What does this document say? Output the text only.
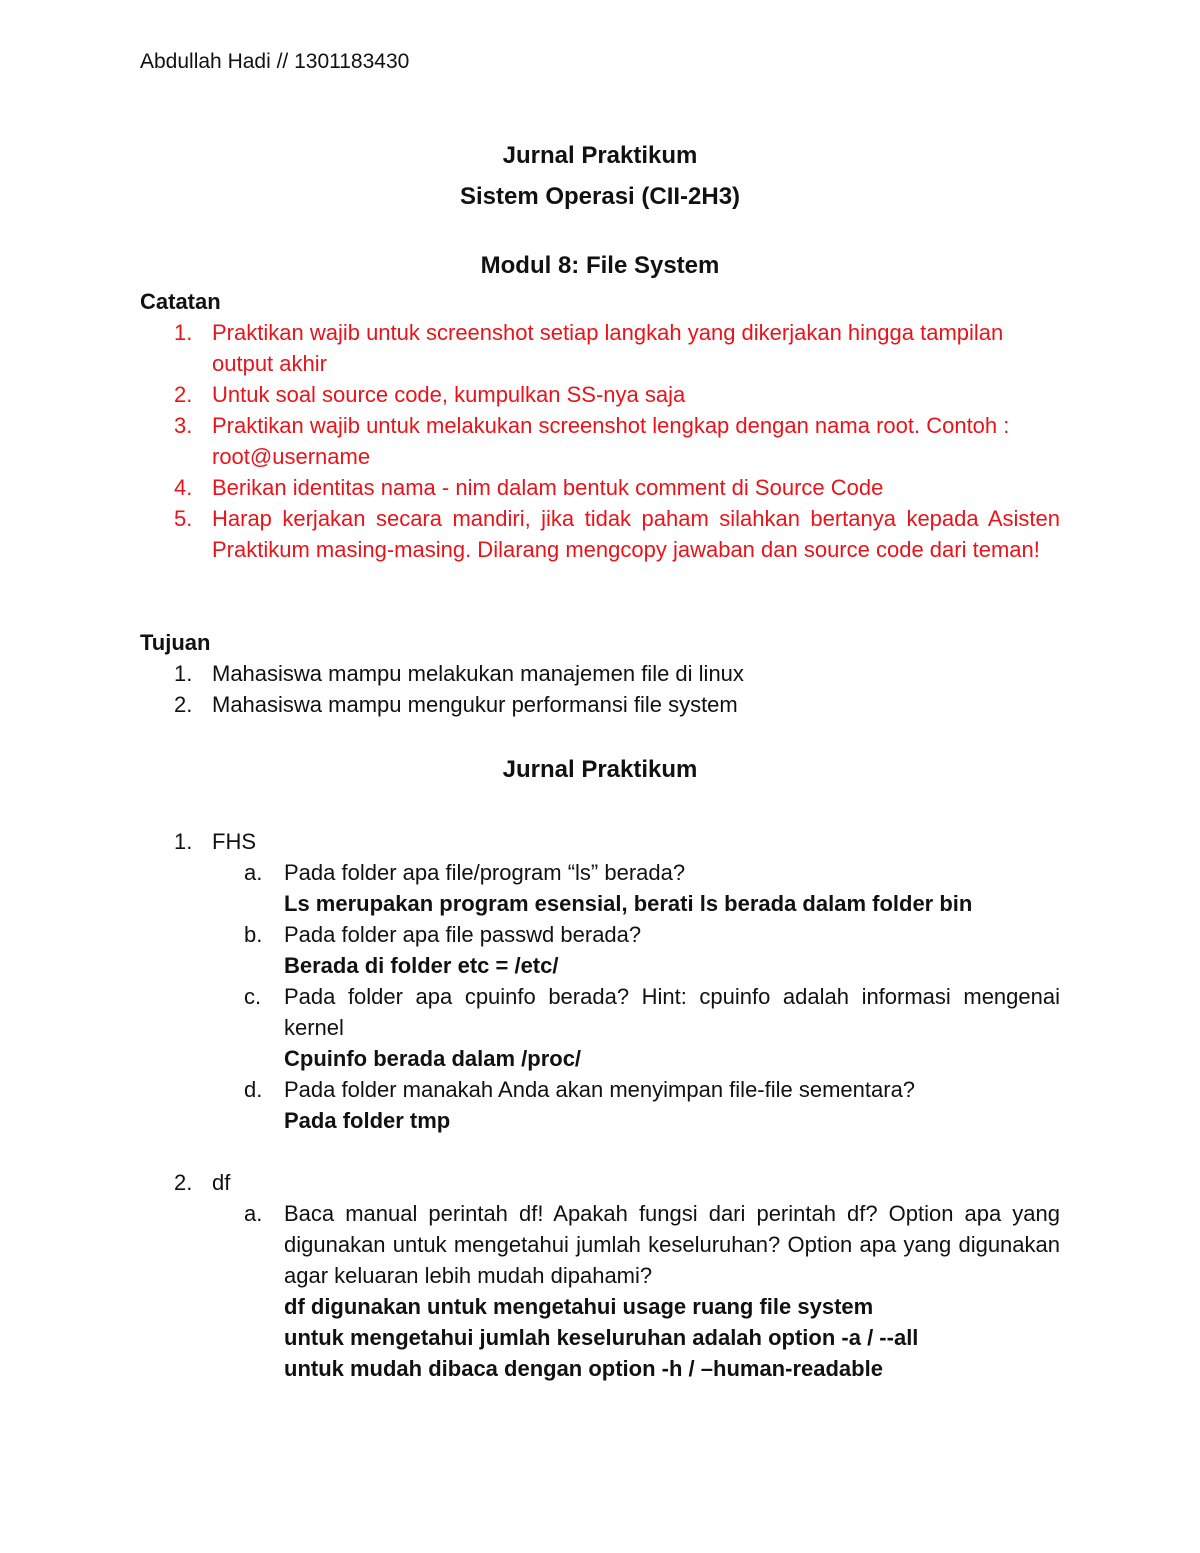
Abdullah Hadi // 1301183430
Jurnal Praktikum
Sistem Operasi (CII-2H3)
Modul 8: File System
Catatan
1. Praktikan wajib untuk screenshot setiap langkah yang dikerjakan hingga tampilan output akhir
2. Untuk soal source code, kumpulkan SS-nya saja
3. Praktikan wajib untuk melakukan screenshot lengkap dengan nama root. Contoh : root@username
4. Berikan identitas nama - nim dalam bentuk comment di Source Code
5. Harap kerjakan secara mandiri, jika tidak paham silahkan bertanya kepada Asisten Praktikum masing-masing. Dilarang mengcopy jawaban dan source code dari teman!
Tujuan
1. Mahasiswa mampu melakukan manajemen file di linux
2. Mahasiswa mampu mengukur performansi file system
Jurnal Praktikum
1. FHS
a. Pada folder apa file/program “ls” berada?
Ls merupakan program esensial, berati ls berada dalam folder bin
b. Pada folder apa file passwd berada?
Berada di folder etc = /etc/
c. Pada folder apa cpuinfo berada? Hint: cpuinfo adalah informasi mengenai kernel
Cpuinfo berada dalam /proc/
d. Pada folder manakah Anda akan menyimpan file-file sementara?
Pada folder tmp
2. df
a. Baca manual perintah df! Apakah fungsi dari perintah df? Option apa yang digunakan untuk mengetahui jumlah keseluruhan? Option apa yang digunakan agar keluaran lebih mudah dipahami?
df digunakan untuk mengetahui usage ruang file system
untuk mengetahui jumlah keseluruhan adalah option -a / --all
untuk mudah dibaca dengan option -h / –human-readable
